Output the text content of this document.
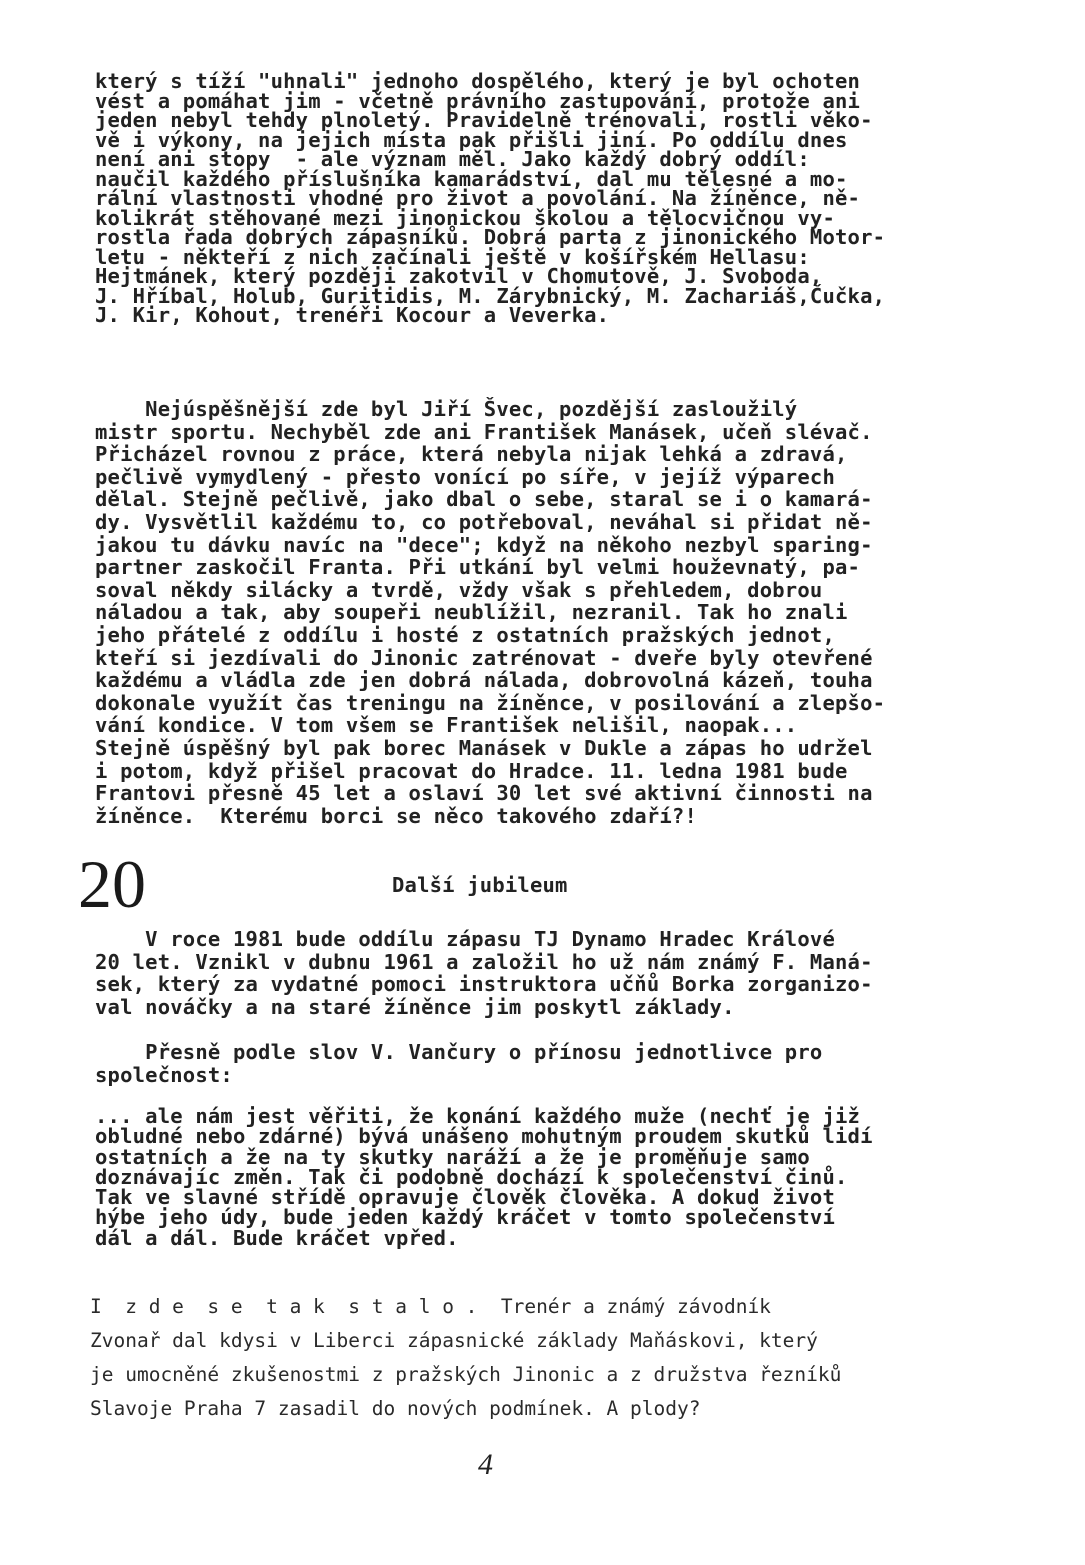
který s tíží "uhnali" jednoho dospělého, který je byl ochoten
vést a pomáhat jim - včetně právního zastupování, protože ani
jeden nebyl tehdy plnoletý. Pravidelně trénovali, rostli věko-
vě i výkony, na jejich místa pak přišli jiní. Po oddílu dnes
není ani stopy  - ale význam měl. Jako každý dobrý oddíl:
naučil každého příslušníka kamarádství, dal mu tělesné a mo-
rální vlastnosti vhodné pro život a povolání. Na žíněnce, ně-
kolikrát stěhované mezi jinonickou školou a tělocvičnou vy-
rostla řada dobrých zápasníků. Dobrá parta z jinonického Motor-
letu - někteří z nich začínali ještě v košířském Hellasu:
Hejtmánek, který později zakotvil v Chomutově, J. Svoboda,
J. Hříbal, Holub, Guritidis, M. Zárybnický, M. Zachariáš,Čučka,
J. Kir, Kohout, trenéři Kocour a Veverka.
Nejúspěšnější zde byl Jiří Švec, pozdější zasloužilý
mistr sportu. Nechyběl zde ani František Manásek, učeň slévač.
Přicházel rovnou z práce, která nebyla nijak lehká a zdravá,
pečlivě vymydlený - přesto vonící po síře, v jejíž výparech
dělal. Stejně pečlivě, jako dbal o sebe, staral se i o kamará-
dy. Vysvětlil každému to, co potřeboval, neváhal si přidat ně-
jakou tu dávku navíc na "dece"; když na někoho nezbyl sparing-
partner zaskočil Franta. Při utkání byl velmi houževnatý, pa-
soval někdy silácky a tvrdě, vždy však s přehledem, dobrou
náladou a tak, aby soupeři neublížil, nezranil. Tak ho znali
jeho přátelé z oddílu i hosté z ostatních pražských jednot,
kteří si jezdívali do Jinonic zatrénovat - dveře byly otevřené
každému a vládla zde jen dobrá nálada, dobrovolná kázeň, touha
dokonale využít čas treningu na žíněnce, v posilování a zlepšo-
vání kondice. V tom všem se František nelišil, naopak...
Stejně úspěšný byl pak borec Manásek v Dukle a zápas ho udržel
i potom, když přišel pracovat do Hradce. 11. ledna 1981 bude
Frantovi přesně 45 let a oslaví 30 let své aktivní činnosti na
žíněnce.  Kterému borci se něco takového zdaří?!
20	Další jubileum
V roce 1981 bude oddílu zápasu TJ Dynamo Hradec Králové
20 let. Vznikl v dubnu 1961 a založil ho už nám známý F. Maná-
sek, který za vydatné pomoci instruktora učňů Borka zorganizo-
val nováčky a na staré žíněnce jim poskytl základy.
Přesně podle slov V. Vančury o přínosu jednotlivce pro
společnost:
... ale nám jest věřiti, že konání každého muže (nechť je již
obludné nebo zdárné) bývá unášeno mohutným proudem skutků lidí
ostatních a že na ty skutky naráží a že je proměňuje samo
doznávajíc změn. Tak či podobně dochází k společenství činů.
Tak ve slavné střídě opravuje člověk člověka. A dokud život
hýbe jeho údy, bude jeden každý kráčet v tomto společenství
dál a dál. Bude kráčet vpřed.
I  z d e  s e  t a k  s t a l o .  Trenér a známý závodník
Zvonař dal kdysi v Liberci zápasnické základy Maňáskovi, který
je umocněné zkušenostmi z pražských Jinonic a z družstva řezníků
Slavoje Praha 7 zasadil do nových podmínek. A plody?
4
